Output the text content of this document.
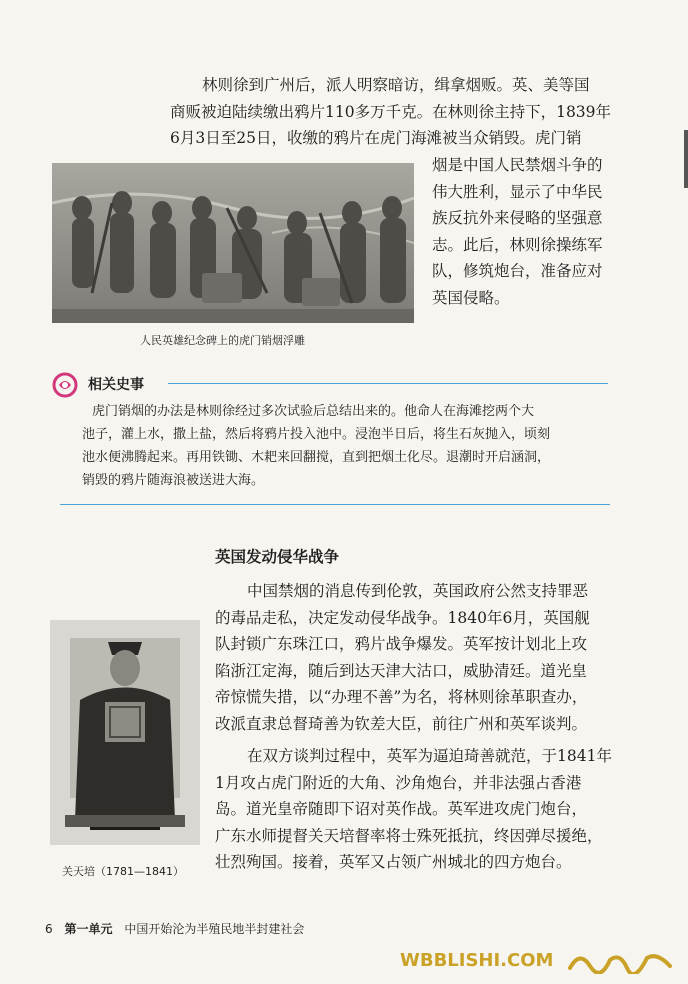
林则徐到广州后，派人明察暗访，缉拿烟贩。英、美等国
商贩被迫陆续缴出鸦片110多万千克。在林则徐主持下，1839年
6月3日至25日，收缴的鸦片在虎门海滩被当众销毁。虎门销
烟是中国人民禁烟斗争的
伟大胜利，显示了中华民
族反抗外来侵略的坚强意
志。此后，林则徐操练军
队，修筑炮台，准备应对
英国侵略。
人民英雄纪念碑上的虎门销烟浮雕
相关史事

虎门销烟的办法是林则徐经过多次试验后总结出来的。他命人在海滩挖两个大
池子，灌上水，撒上盐，然后将鸦片投入池中。浸泡半日后，将生石灰抛入，顷刻
池水便沸腾起来。再用铁锄、木耙来回翻搅，直到把烟土化尽。退潮时开启涵洞，
销毁的鸦片随海浪被送进大海。

英国发动侵华战争
中国禁烟的消息传到伦敦，英国政府公然支持罪恶
的毒品走私，决定发动侵华战争。1840年6月，英国舰
队封锁广东珠江口，鸦片战争爆发。英军按计划北上攻
陷浙江定海，随后到达天津大沽口，威胁清廷。道光皇
帝惊慌失措，以“办理不善”为名，将林则徐革职查办，
改派直隶总督琦善为钦差大臣，前往广州和英军谈判。
在双方谈判过程中，英军为逼迫琦善就范，于1841年
1月攻占虎门附近的大角、沙角炮台，并非法强占香港
岛。道光皇帝随即下诏对英作战。英军进攻虎门炮台，
广东水师提督关天培督率将士殊死抵抗，终因弹尽援绝，
壮烈殉国。接着，英军又占领广州城北的四方炮台。
关天培（1781—1841）
6 第一单元 中国开始沦为半殖民地半封建社会
WBBLISHI.COM
